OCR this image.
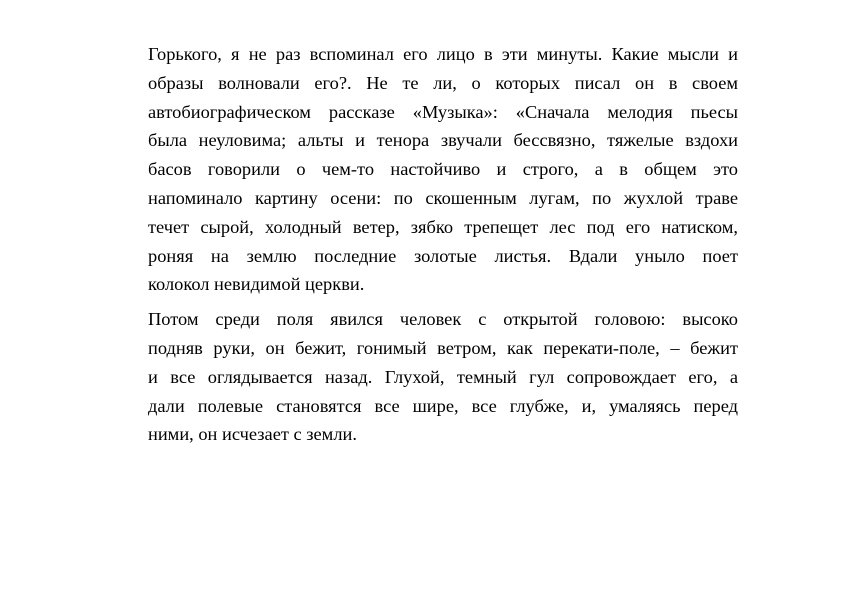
Горького, я не раз вспоминал его лицо в эти минуты. Какие мысли и
образы волновали его?. Не те ли, о которых писал он в своем
автобиографическом рассказе «Музыка»: «Сначала мелодия пьесы
была неуловима; альты и тенора звучали бессвязно, тяжелые вздохи
басов говорили о чем-то настойчиво и строго, а в общем это
напоминало картину осени: по скошенным лугам, по жухлой траве
течет сырой, холодный ветер, зябко трепещет лес под его натиском,
роняя на землю последние золотые листья. Вдали уныло поет
колокол невидимой церкви.

Потом среди поля явился человек с открытой головою: высоко
подняв руки, он бежит, гонимый ветром, как перекати-поле, – бежит
и все оглядывается назад. Глухой, темный гул сопровождает его, а
дали полевые становятся все шире, все глубже, и, умаляясь перед
ними, он исчезает с земли.
